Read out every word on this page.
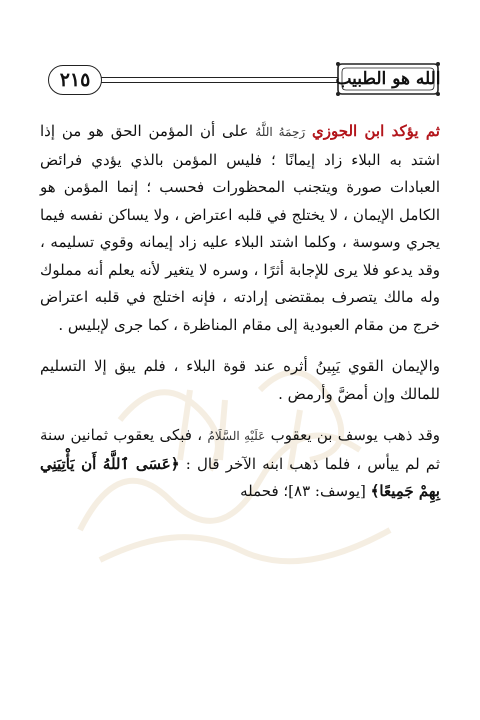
٢١٥	الله هو الطبيب

ثم يؤكد ابن الجوزي رَحِمَهُ اللَّهُ على أن المؤمن الحق هو من إذا اشتد به البلاء زاد إيمانًا ؛ فليس المؤمن بالذي يؤدي فرائض العبادات صورة ويتجنب المحظورات فحسب ؛ إنما المؤمن هو الكامل الإيمان ، لا يختلج في قلبه اعتراض ، ولا يساكن نفسه فيما يجري وسوسة ، وكلما اشتد البلاء عليه زاد إيمانه وقوي تسليمه ، وقد يدعو فلا يرى للإجابة أثرًا ، وسره لا يتغير لأنه يعلم أنه مملوك وله مالك يتصرف بمقتضى إرادته ، فإنه اختلج في قلبه اعتراض خرج من مقام العبودية إلى مقام المناظرة ، كما جرى لإبليس .

والإيمان القوي يَبِينُ أثره عند قوة البلاء ، فلم يبق إلا التسليم للمالك وإن أمضَّ وأرمض .

وقد ذهب يوسف بن يعقوب عَلَيْهِ السَّلَامُ ، فبكى يعقوب ثمانين سنة ثم لم ييأس ، فلما ذهب ابنه الآخر قال : ﴿عَسَى ٱللَّهُ أَن يَأْتِيَنِي بِهِمْ جَمِيعًا﴾ [يوسف: ٨٣]؛ فحمله
